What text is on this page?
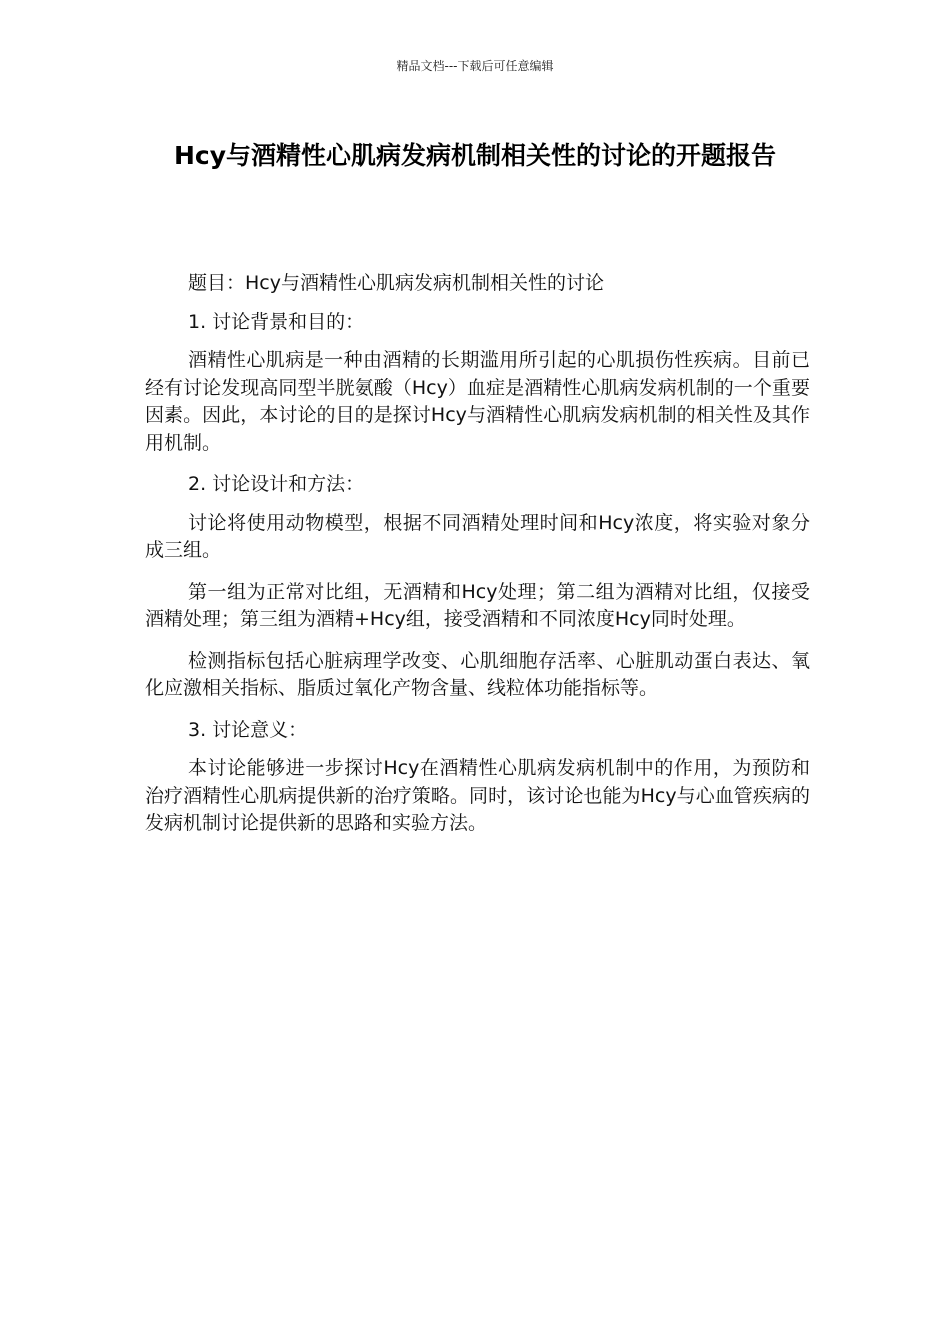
精品文档---下载后可任意编辑
Hcy与酒精性心肌病发病机制相关性的讨论的开题报告

题目：Hcy与酒精性心肌病发病机制相关性的讨论

1. 讨论背景和目的：

酒精性心肌病是一种由酒精的长期滥用所引起的心肌损伤性疾病。目前已经有讨论发现高同型半胱氨酸（Hcy）血症是酒精性心肌病发病机制的一个重要因素。因此，本讨论的目的是探讨Hcy与酒精性心肌病发病机制的相关性及其作用机制。

2. 讨论设计和方法：

讨论将使用动物模型，根据不同酒精处理时间和Hcy浓度，将实验对象分成三组。

第一组为正常对比组，无酒精和Hcy处理；第二组为酒精对比组，仅接受酒精处理；第三组为酒精+Hcy组，接受酒精和不同浓度Hcy同时处理。

检测指标包括心脏病理学改变、心肌细胞存活率、心脏肌动蛋白表达、氧化应激相关指标、脂质过氧化产物含量、线粒体功能指标等。

3. 讨论意义：

本讨论能够进一步探讨Hcy在酒精性心肌病发病机制中的作用，为预防和治疗酒精性心肌病提供新的治疗策略。同时，该讨论也能为Hcy与心血管疾病的发病机制讨论提供新的思路和实验方法。
